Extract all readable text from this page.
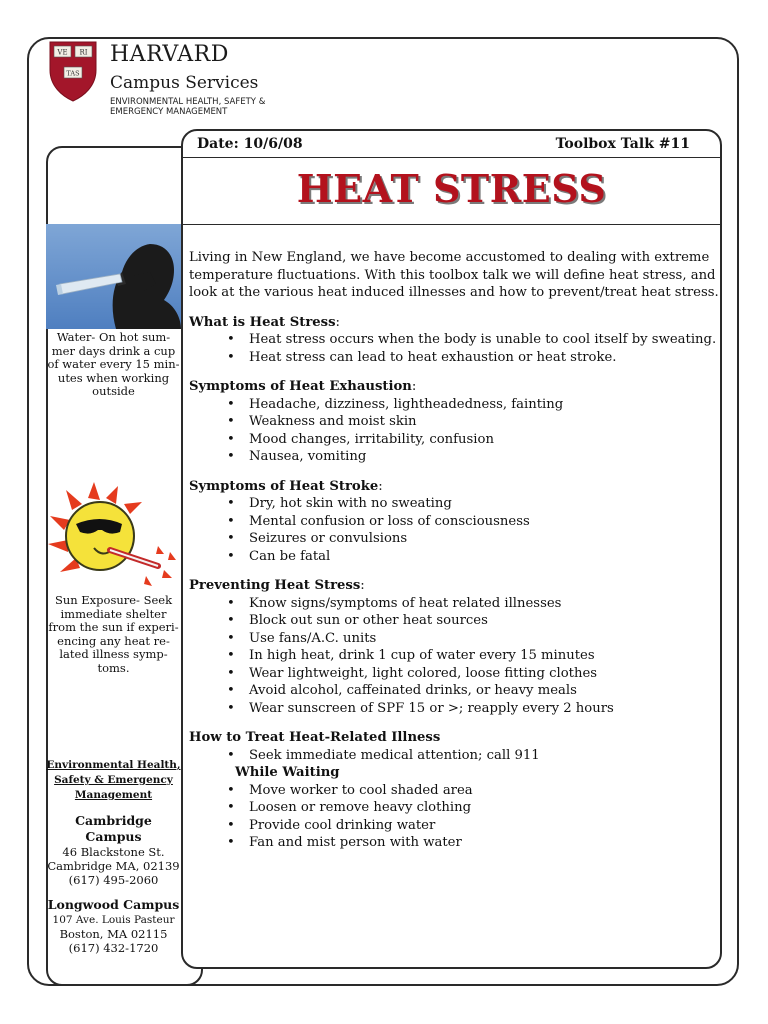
VE RI
TAS
HARVARD
Campus Services
ENVIRONMENTAL HEALTH, SAFETY &
EMERGENCY MANAGEMENT
Water- On hot sum-
mer days drink a cup
of water every 15 min-
utes when working
outside
Sun Exposure- Seek
immediate shelter
from the sun if experi-
encing any heat re-
lated illness symp-
toms.
Environmental Health,
Safety & Emergency
Management
Cambridge Campus
46 Blackstone St.
Cambridge MA, 02139
(617) 495-2060
Longwood Campus
107 Ave. Louis Pasteur
Boston, MA 02115
(617) 432-1720
Date: 10/6/08	Toolbox Talk #11
HEAT STRESS

Living in New England, we have become accustomed to dealing with extreme temperature fluctuations. With this toolbox talk we will define heat stress, and look at the various heat induced illnesses and how to prevent/treat heat stress.

What is Heat Stress:

• Heat stress occurs when the body is unable to cool itself by sweating.
• Heat stress can lead to heat exhaustion or heat stroke.

Symptoms of Heat Exhaustion:

• Headache, dizziness, lightheadedness, fainting
• Weakness and moist skin
• Mood changes, irritability, confusion
• Nausea, vomiting

Symptoms of Heat Stroke:

• Dry, hot skin with no sweating
• Mental confusion or loss of consciousness
• Seizures or convulsions
• Can be fatal

Preventing Heat Stress:

• Know signs/symptoms of heat related illnesses
• Block out sun or other heat sources
• Use fans/A.C. units
• In high heat, drink 1 cup of water every 15 minutes
• Wear lightweight, light colored, loose fitting clothes
• Avoid alcohol, caffeinated drinks, or heavy meals
• Wear sunscreen of SPF 15 or >; reapply every 2 hours

How to Treat Heat-Related Illness

• Seek immediate medical attention; call 911

While Waiting

• Move worker to cool shaded area
• Loosen or remove heavy clothing
• Provide cool drinking water
• Fan and mist person with water
